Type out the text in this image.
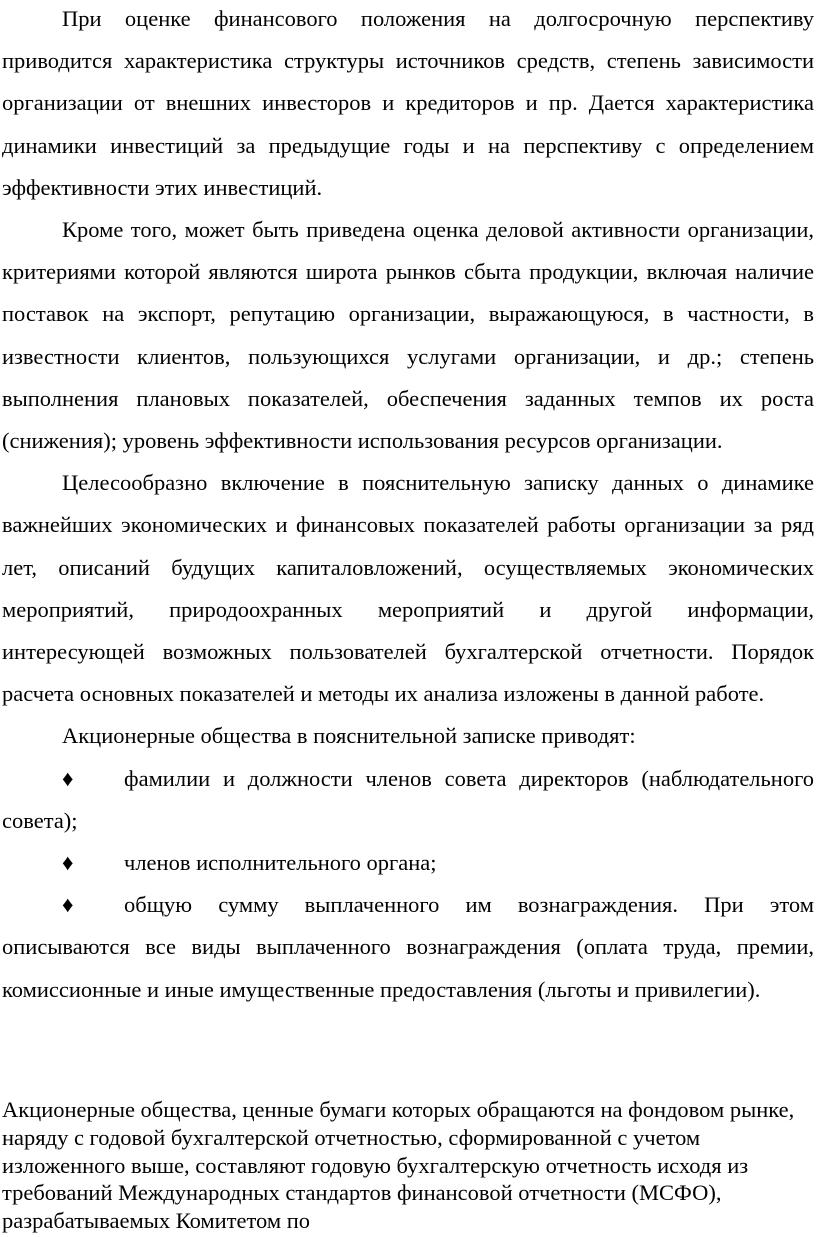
При оценке финансового положения на долгосрочную перспективу приводится характеристика структуры источников средств, степень зависимости организации от внешних инвесторов и кредиторов и пр. Дается характеристика динамики инвестиций за предыдущие годы и на перспективу с определением эффективности этих инвестиций.

Кроме того, может быть приведена оценка деловой активности организации, критериями которой являются широта рынков сбыта продукции, включая наличие поставок на экспорт, репутацию организации, выражающуюся, в частности, в известности клиентов, пользующихся услугами организации, и др.; степень выполнения плановых показателей, обеспечения заданных темпов их роста (снижения); уровень эффективности использования ресурсов организации.

Целесообразно включение в пояснительную записку данных о динамике важнейших экономических и финансовых показателей работы организации за ряд лет, описаний будущих капиталовложений, осуществляемых экономических мероприятий, природоохранных мероприятий и другой информации, интересующей возможных пользователей бухгалтерской отчетности. Порядок расчета основных показателей и методы их анализа изложены в данной работе.

Акционерные общества в пояснительной записке приводят:

♦ фамилии и должности членов совета директоров (наблюдательного совета);

♦ членов исполнительного органа;

♦ общую сумму выплаченного им вознаграждения. При этом описываются все виды выплаченного вознаграждения (оплата труда, премии, комиссионные и иные имущественные предоставления (льготы и привилегии).

Акционерные общества, ценные бумаги которых обращаются на фондовом рынке, наряду с годовой бухгалтерской отчетностью, сформированной с учетом изложенного выше, составляют годовую бухгалтерскую отчетность исходя из требований Международных стандартов финансовой отчетности (МСФО), разрабатываемых Комитетом по
